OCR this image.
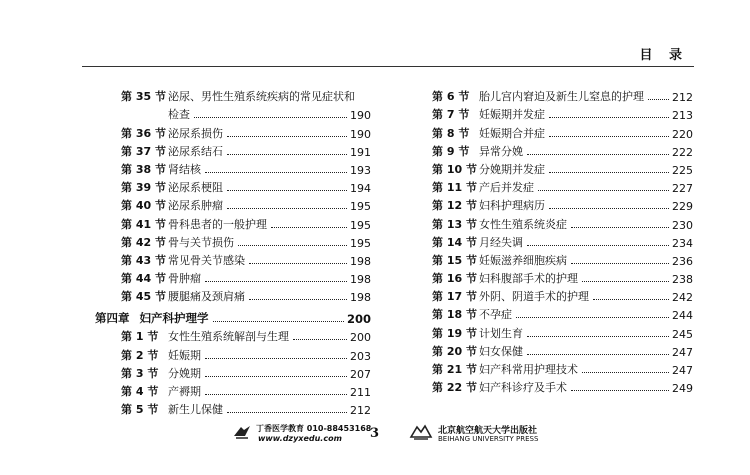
目 录
第 35 节 泌尿、男性生殖系统疾病的常见症状和
检查	190
第 36 节 泌尿系损伤	190
第 37 节 泌尿系结石	191
第 38 节 肾结核	193
第 39 节 泌尿系梗阻	194
第 40 节 泌尿系肿瘤	195
第 41 节 骨科患者的一般护理	195
第 42 节 骨与关节损伤	195
第 43 节 常见骨关节感染	198
第 44 节 骨肿瘤	198
第 45 节 腰腿痛及颈肩痛	198
第四章 妇产科护理学	200
第 1 节 女性生殖系统解剖与生理	200
第 2 节 妊娠期	203
第 3 节 分娩期	207
第 4 节 产褥期	211
第 5 节 新生儿保健	212
第 6 节 胎儿宫内窘迫及新生儿窒息的护理	212
第 7 节 妊娠期并发症	213
第 8 节 妊娠期合并症	220
第 9 节 异常分娩	222
第 10 节 分娩期并发症	225
第 11 节 产后并发症	227
第 12 节 妇科护理病历	229
第 13 节 女性生殖系统炎症	230
第 14 节 月经失调	234
第 15 节 妊娠滋养细胞疾病	236
第 16 节 妇科腹部手术的护理	238
第 17 节 外阴、阴道手术的护理	242
第 18 节 不孕症	244
第 19 节 计划生育	245
第 20 节 妇女保健	247
第 21 节 妇产科常用护理技术	247
第 22 节 妇产科诊疗及手术	249
丁香医学教育 010-88453168
www.dzyxedu.com 3	北京航空航天大学出版社
BEIHANG UNIVERSITY PRESS
